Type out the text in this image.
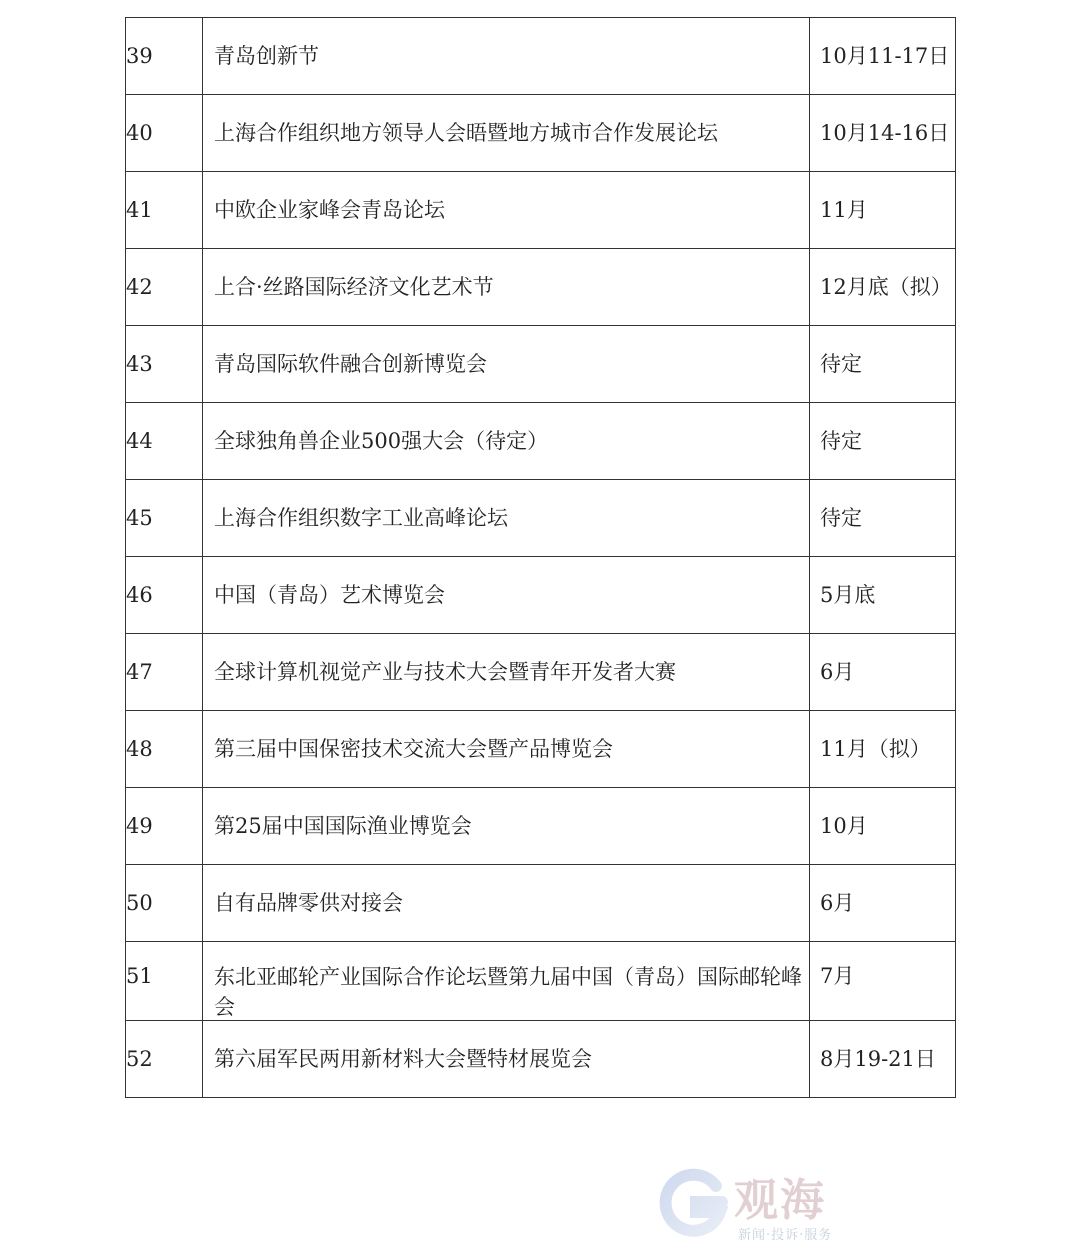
39	青岛创新节	10月11-17日

40	上海合作组织地方领导人会晤暨地方城市合作发展论坛	10月14-16日

41	中欧企业家峰会青岛论坛	11月

42	上合·丝路国际经济文化艺术节	12月底（拟）

43	青岛国际软件融合创新博览会	待定

44	全球独角兽企业500强大会（待定）	待定

45	上海合作组织数字工业高峰论坛	待定

46	中国（青岛）艺术博览会	5月底

47	全球计算机视觉产业与技术大会暨青年开发者大赛	6月

48	第三届中国保密技术交流大会暨产品博览会	11月（拟）

49	第25届中国国际渔业博览会	10月

50	自有品牌零供对接会	6月

51	东北亚邮轮产业国际合作论坛暨第九届中国（青岛）国际邮轮峰会	7月

52	第六届军民两用新材料大会暨特材展览会	8月19-21日
观海
新闻·投诉·服务
